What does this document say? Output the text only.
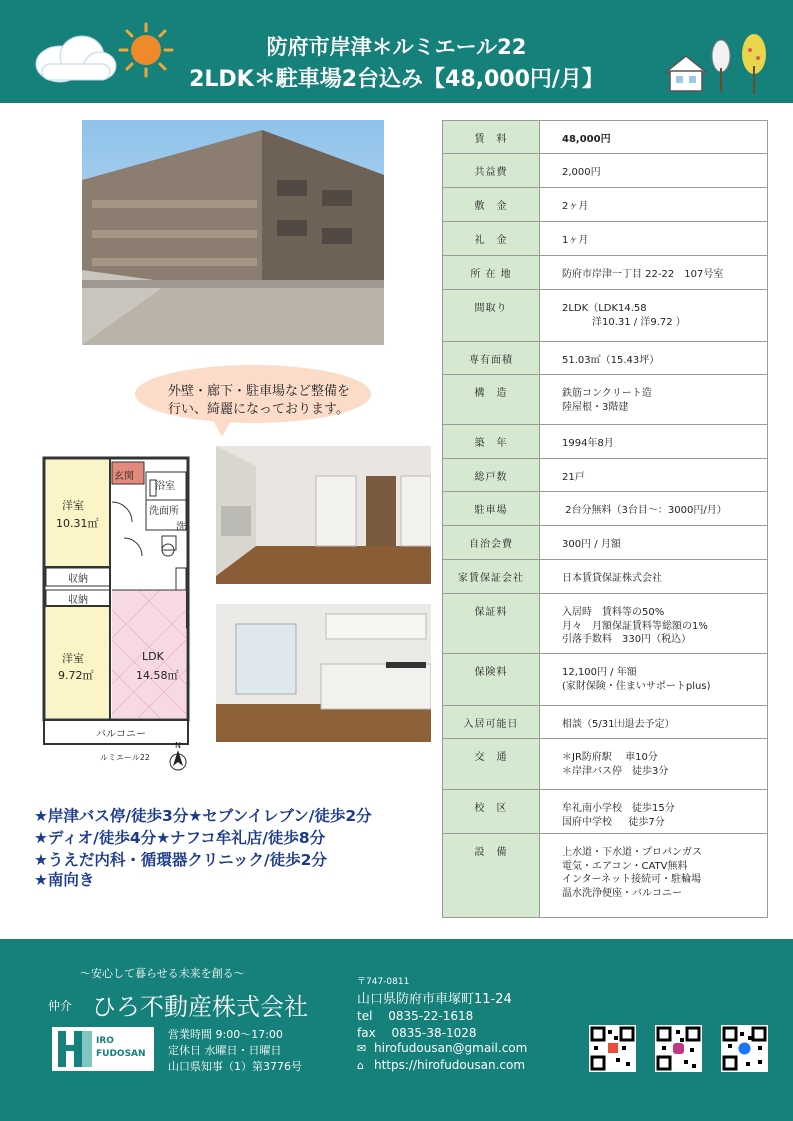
防府市岸津＊ルミエール22
2LDK＊駐車場2台込み【48,000円/月】
外壁・廊下・駐車場など整備を
行い、綺麗になっております。
玄関
浴室
洗面所
洗
洋室
10.31㎡
収納
収納
洋室
9.72㎡
LDK
14.58㎡
バルコニー
ルミエール22
N
★岸津バス停/徒歩3分★セブンイレブン/徒歩2分
★ディオ/徒歩4分★ナフコ牟礼店/徒歩8分
★うえだ内科・循環器クリニック/徒歩2分
★南向き
賃　料	48,000円
共益費	2,000円
敷　金	2ヶ月
礼　金	1ヶ月
所 在 地	防府市岸津一丁目 22-22　107号室
間取り	2LDK（LDK14.58
　　　洋10.31 / 洋9.72 ）
専有面積	51.03㎡（15.43坪）
構　造	鉄筋コンクリート造
陸屋根・3階建
築　年	1994年8月
総戸数	21戸
駐車場	2台分無料（3台目～：3000円/月）
自治会費	300円 / 月額
家賃保証会社	日本賃貸保証株式会社
保証料	入居時　賃料等の50%
月々　月額保証賃料等総額の1%
引落手数料　330円（税込）
保険料	12,100円 / 年額
(家財保険・住まいサポートplus)
入居可能日	相談（5/31㈯退去予定）
交　通	＊JR防府駅　 車10分
＊岸津バス停　徒歩3分
校　区	牟礼南小学校　徒歩15分
国府中学校　  徒歩7分
設　備	上水道・下水道・プロパンガス
電気・エアコン・CATV無料
インターネット接続可・駐輪場
温水洗浄便座・バルコニー
～安心して暮らせる未来を創る～
仲介 ひろ不動産株式会社
IRO
FUDOSAN
営業時間 9:00～17:00
定休日 水曜日・日曜日
山口県知事（1）第3776号
〒747-0811
山口県防府市車塚町11-24
tel　 0835-22-1618
fax　 0835-38-1028
✉ hirofudousan@gmail.com
⌂ https://hirofudousan.com
